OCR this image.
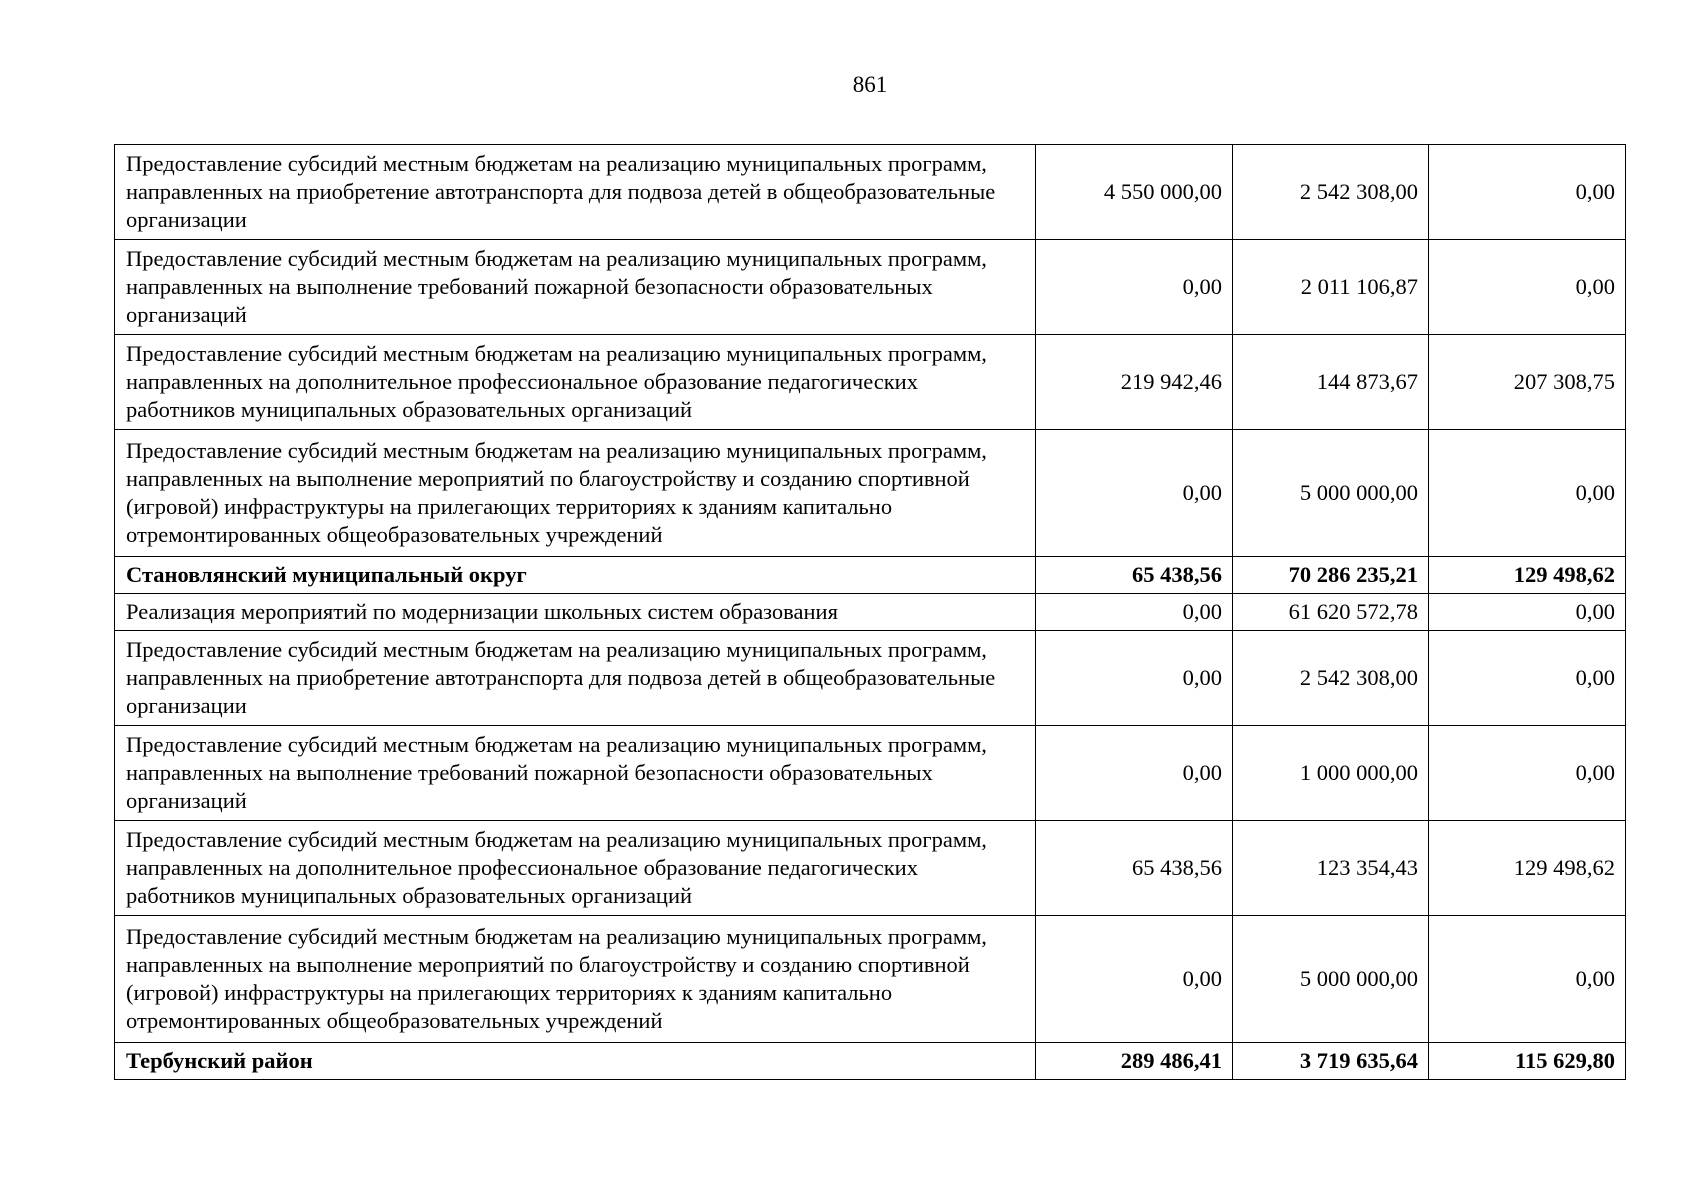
861
Предоставление субсидий местным бюджетам на реализацию муниципальных программ, направленных на приобретение автотранспорта для подвоза детей в общеобразовательные организации	4 550 000,00	2 542 308,00	0,00
Предоставление субсидий местным бюджетам на реализацию муниципальных программ, направленных на выполнение требований пожарной безопасности образовательных организаций	0,00	2 011 106,87	0,00
Предоставление субсидий местным бюджетам на реализацию муниципальных программ, направленных на дополнительное профессиональное образование педагогических работников муниципальных образовательных организаций	219 942,46	144 873,67	207 308,75
Предоставление субсидий местным бюджетам на реализацию муниципальных программ, направленных на выполнение мероприятий по благоустройству и созданию спортивной (игровой) инфраструктуры на прилегающих территориях к зданиям капитально отремонтированных общеобразовательных учреждений	0,00	5 000 000,00	0,00
Становлянский муниципальный округ	65 438,56	70 286 235,21	129 498,62
Реализация мероприятий по модернизации школьных систем образования	0,00	61 620 572,78	0,00
Предоставление субсидий местным бюджетам на реализацию муниципальных программ, направленных на приобретение автотранспорта для подвоза детей в общеобразовательные организации	0,00	2 542 308,00	0,00
Предоставление субсидий местным бюджетам на реализацию муниципальных программ, направленных на выполнение требований пожарной безопасности образовательных организаций	0,00	1 000 000,00	0,00
Предоставление субсидий местным бюджетам на реализацию муниципальных программ, направленных на дополнительное профессиональное образование педагогических работников муниципальных образовательных организаций	65 438,56	123 354,43	129 498,62
Предоставление субсидий местным бюджетам на реализацию муниципальных программ, направленных на выполнение мероприятий по благоустройству и созданию спортивной (игровой) инфраструктуры на прилегающих территориях к зданиям капитально отремонтированных общеобразовательных учреждений	0,00	5 000 000,00	0,00
Тербунский район	289 486,41	3 719 635,64	115 629,80
